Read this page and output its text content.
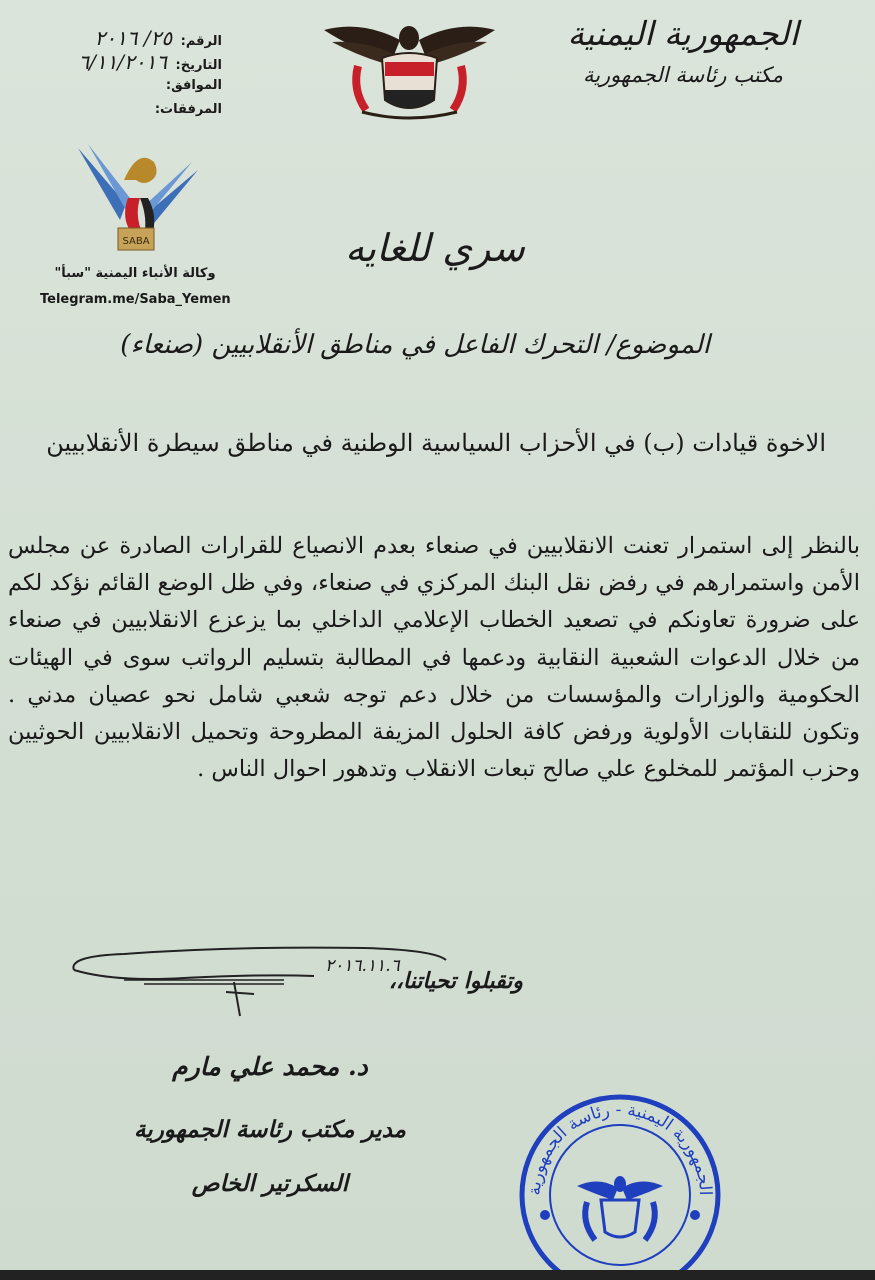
الجمهورية اليمنية
مكتب رئاسة الجمهورية
الرقم: ٢٥/ ٢٠١٦
التاريخ: ٦/١١/٢٠١٦
الموافق:
المرفقات:
SABA
وكالة الأنباء اليمنية "سبأ"
Telegram.me/Saba_Yemen
سري للغايه
الموضوع/ التحرك الفاعل في مناطق الأنقلابيين (صنعاء)
الاخوة قيادات (ب) في الأحزاب السياسية الوطنية في مناطق سيطرة الأنقلابيين
بالنظر إلى استمرار تعنت الانقلابيين في صنعاء بعدم الانصياع للقرارات الصادرة عن مجلس الأمن واستمرارهم في رفض نقل البنك المركزي في صنعاء، وفي ظل الوضع القائم نؤكد لكم على ضرورة تعاونكم في تصعيد الخطاب الإعلامي الداخلي بما يزعزع الانقلابيين في صنعاء من خلال الدعوات الشعبية النقابية ودعمها في المطالبة بتسليم الرواتب سوى في الهيئات الحكومية والوزارات والمؤسسات من خلال دعم توجه شعبي شامل نحو عصيان مدني . وتكون للنقابات الأولوية ورفض كافة الحلول المزيفة المطروحة وتحميل الانقلابيين الحوثيين وحزب المؤتمر للمخلوع علي صالح تبعات الانقلاب وتدهور احوال الناس .
وتقبلوا تحياتنا،،
٢٠١٦.١١.٦
د. محمد علي مارم
مدير مكتب رئاسة الجمهورية
السكرتير الخاص	الجمهورية اليمنية - رئاسة الجمهورية
